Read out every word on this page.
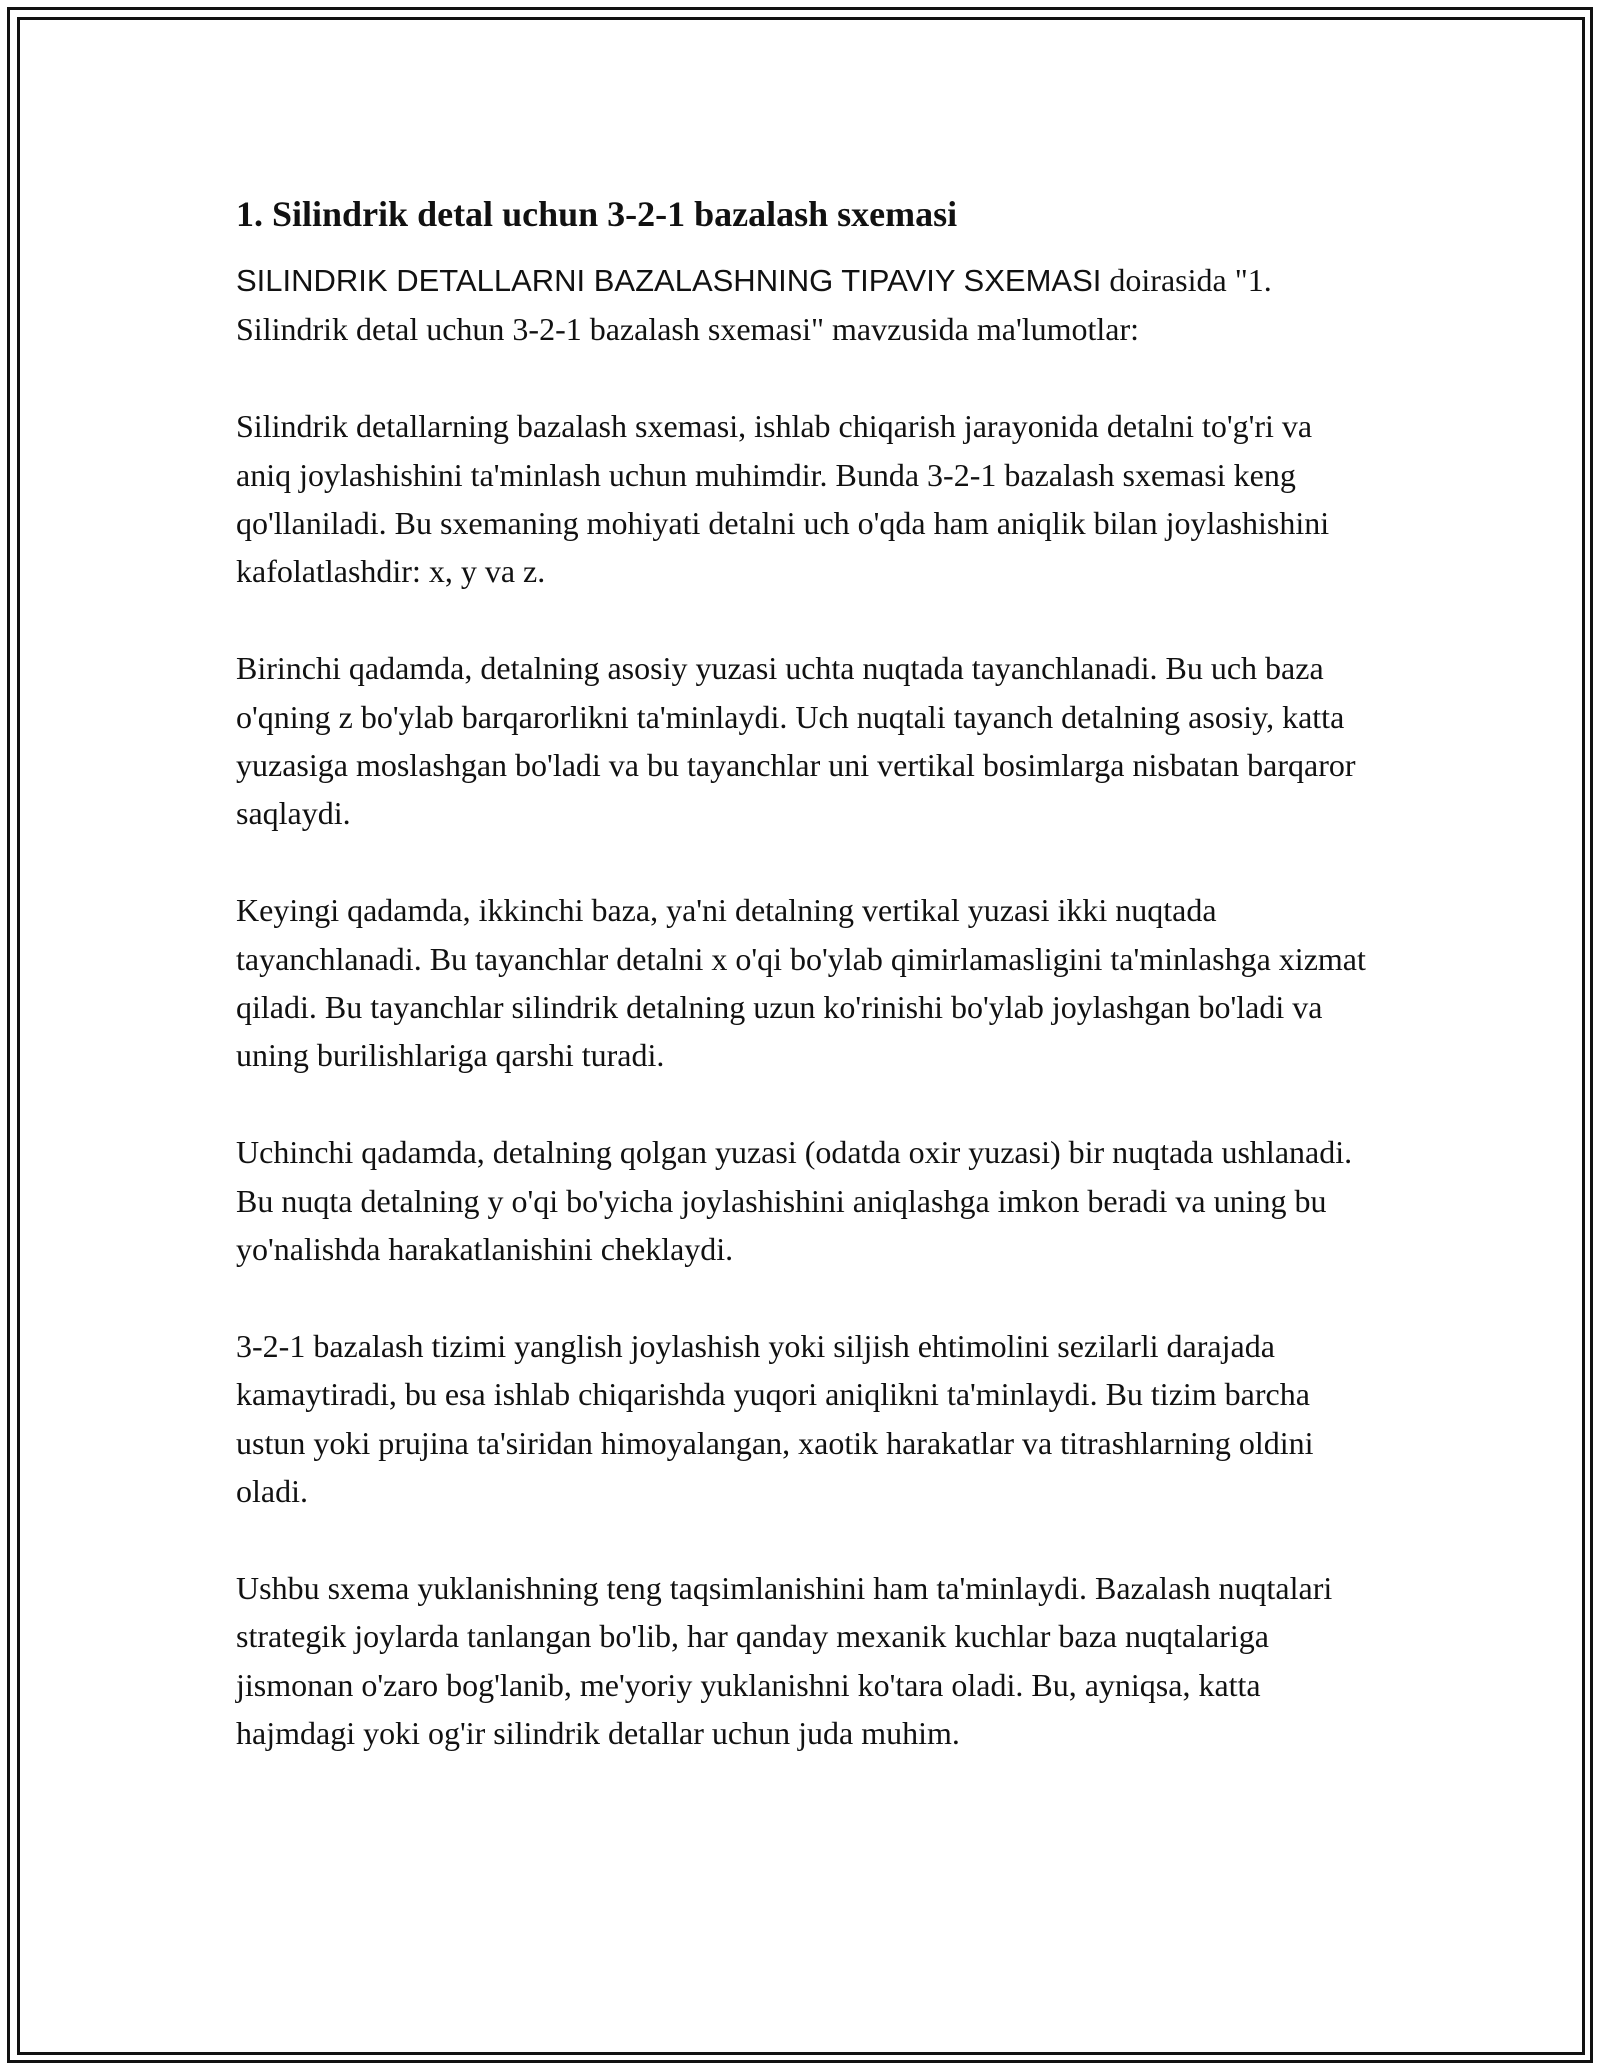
1. Silindrik detal uchun 3-2-1 bazalash sxemasi

SILINDRIK DETALLARNI BAZALASHNING TIPAVIY SXEMASI doirasida "1. Silindrik detal uchun 3-2-1 bazalash sxemasi" mavzusida ma'lumotlar:

Silindrik detallarning bazalash sxemasi, ishlab chiqarish jarayonida detalni to'g'ri va aniq joylashishini ta'minlash uchun muhimdir. Bunda 3-2-1 bazalash sxemasi keng qo'llaniladi. Bu sxemaning mohiyati detalni uch o'qda ham aniqlik bilan joylashishini kafolatlashdir: x, y va z.

Birinchi qadamda, detalning asosiy yuzasi uchta nuqtada tayanchlanadi. Bu uch baza o'qning z bo'ylab barqarorlikni ta'minlaydi. Uch nuqtali tayanch detalning asosiy, katta yuzasiga moslashgan bo'ladi va bu tayanchlar uni vertikal bosimlarga nisbatan barqaror saqlaydi.

Keyingi qadamda, ikkinchi baza, ya'ni detalning vertikal yuzasi ikki nuqtada tayanchlanadi. Bu tayanchlar detalni x o'qi bo'ylab qimirlamasligini ta'minlashga xizmat qiladi. Bu tayanchlar silindrik detalning uzun ko'rinishi bo'ylab joylashgan bo'ladi va uning burilishlariga qarshi turadi.

Uchinchi qadamda, detalning qolgan yuzasi (odatda oxir yuzasi) bir nuqtada ushlanadi. Bu nuqta detalning y o'qi bo'yicha joylashishini aniqlashga imkon beradi va uning bu yo'nalishda harakatlanishini cheklaydi.

3-2-1 bazalash tizimi yanglish joylashish yoki siljish ehtimolini sezilarli darajada kamaytiradi, bu esa ishlab chiqarishda yuqori aniqlikni ta'minlaydi. Bu tizim barcha ustun yoki prujina ta'siridan himoyalangan, xaotik harakatlar va titrashlarning oldini oladi.

Ushbu sxema yuklanishning teng taqsimlanishini ham ta'minlaydi. Bazalash nuqtalari strategik joylarda tanlangan bo'lib, har qanday mexanik kuchlar baza nuqtalariga jismonan o'zaro bog'lanib, me'yoriy yuklanishni ko'tara oladi. Bu, ayniqsa, katta hajmdagi yoki og'ir silindrik detallar uchun juda muhim.
